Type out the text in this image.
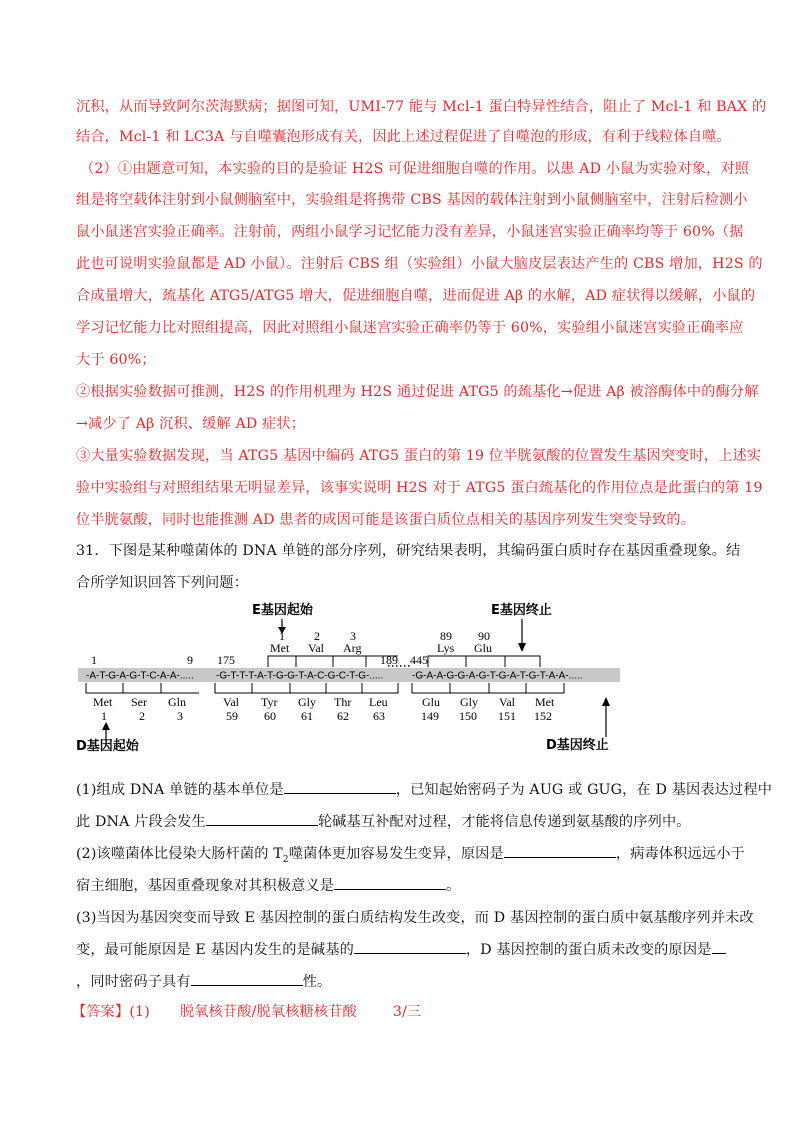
沉积，从而导致阿尔茨海默病；据图可知，UMI-77 能与 Mcl-1 蛋白特异性结合，阻止了 Mcl-1 和 BAX 的
结合，Mcl-1 和 LC3A 与自噬囊泡形成有关，因此上述过程促进了自噬泡的形成，有利于线粒体自噬。
（2）①由题意可知，本实验的目的是验证 H2S 可促进细胞自噬的作用。以患 AD 小鼠为实验对象，对照
组是将空载体注射到小鼠侧脑室中，实验组是将携带 CBS 基因的载体注射到小鼠侧脑室中，注射后检测小
鼠小鼠迷宫实验正确率。注射前，两组小鼠学习记忆能力没有差异，小鼠迷宫实验正确率均等于 60%（据
此也可说明实验鼠都是 AD 小鼠）。注射后 CBS 组（实验组）小鼠大脑皮层表达产生的 CBS 增加，H2S 的
合成量增大，巯基化 ATG5/ATG5 增大，促进细胞自噬，进而促进 Aβ 的水解，AD 症状得以缓解，小鼠的
学习记忆能力比对照组提高，因此对照组小鼠迷宫实验正确率仍等于 60%，实验组小鼠迷宫实验正确率应
大于 60%；
②根据实验数据可推测，H2S 的作用机理为 H2S 通过促进 ATG5 的巯基化→促进 Aβ 被溶酶体中的酶分解
→减少了 Aβ 沉积、缓解 AD 症状；
③大量实验数据发现，当 ATG5 基因中编码 ATG5 蛋白的第 19 位半胱氨酸的位置发生基因突变时，上述实
验中实验组与对照组结果无明显差异，该事实说明 H2S 对于 ATG5 蛋白巯基化的作用位点是此蛋白的第 19
位半胱氨酸，同时也能推测 AD 患者的成因可能是该蛋白质位点相关的基因序列发生突变导致的。
31．下图是某种噬菌体的 DNA 单链的部分序列，研究结果表明，其编码蛋白质时存在基因重叠现象。结
合所学知识回答下列问题：
-A-T-G-A-G-T-C-A-A-..... -G-T-T-T-A-T-G-G-T-A-C-G-C-T-G-.....	-G-A-A-G-G-A-G-T-G-A-T-G-T-A-A-.....
1	9 175	189 445
E基因起始	E基因终止
1 2	3	89 90
Met Val Arg	Lys Glu
Met Ser Gln	Val Tyr Gly Thr Leu	Glu Gly Val Met
1	2	3	59 60 61 62 63	149 150 151 152
D基因起始	D基因终止
(1)组成 DNA 单链的基本单位是	，已知起始密码子为 AUG 或 GUG，在 D 基因表达过程中
此 DNA 片段会发生	轮碱基互补配对过程，才能将信息传递到氨基酸的序列中。
(2)该噬菌体比侵染大肠杆菌的 $T_2$噬菌体更加容易发生变异，原因是	，病毒体积远远小于
宿主细胞，基因重叠现象对其积极意义是	。
(3)当因为基因突变而导致 E 基因控制的蛋白质结构发生改变，而 D 基因控制的蛋白质中氨基酸序列并未改
变，最可能原因是 E 基因内发生的是碱基的	，D 基因控制的蛋白质未改变的原因是
，同时密码子具有	性。
【答案】(1) 脱氧核苷酸/脱氧核糖核苷酸	3/三
